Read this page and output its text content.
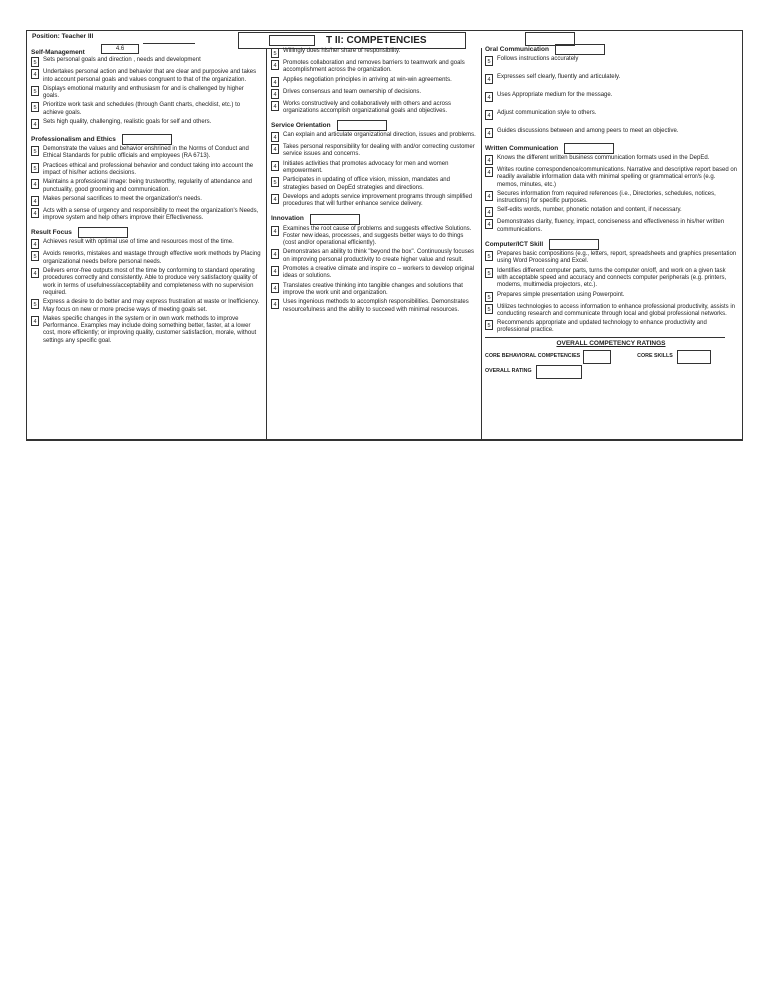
Position: Teacher III
4.6
T II: COMPETENCIES
Self-Management
5	Sets personal goals and direction , needs and development
4	Undertakes personal action and behavior that are clear and purposive and takes into account personal goals and values congruent to that of the organization.
5	Displays emotional maturity and enthusiasm for and is challenged by higher goals.
5	Prioritize work task and schedules (through Gantt charts, checklist, etc.) to achieve goals.
4	Sets high quality, challenging, realistic goals for self and others.
Professionalism and Ethics
5	Demonstrate the values and behavior enshrined in the Norms of Conduct and Ethical Standards for public officials and employees (RA 6713).
5	Practices ethical and professional behavior and conduct taking into account the impact of his/her actions decisions.
4	Maintains a professional image: being trustworthy, regularity of attendance and punctuality, good grooming and communication.
4	Makes personal sacrifices to meet the organization's needs.
4	Acts with a sense of urgency and responsibility to meet the organization's Needs, improve system and help others improve their Effectiveness.
Result Focus
4	Achieves result with optimal use of time and resources most of the time.
5	Avoids reworks, mistakes and wastage through effective work methods by Placing organizational needs before personal needs.
4	Delivers error-free outputs most of the time by conforming to standard operating procedures correctly and consistently. Able to produce very satisfactory quality of work in terms of usefulness/acceptability and completeness with no supervision required.
5	Express a desire to do better and may express frustration at waste or Inefficiency. May focus on new or more precise ways of meeting goals set.
4	Makes specific changes in the system or in own work methods to improve Performance. Examples may include doing something better, faster, at a lower cost, more efficiently; or improving quality, customer satisfaction, morale, without settings any specific goal.
5	Willingly does his/her share of responsibility.
4	Promotes collaboration and removes barriers to teamwork and goals accomplishment across the organization.
4	Applies negotiation principles in arriving at win-win agreements.
4	Drives consensus and team ownership of decisions.
4	Works constructively and collaboratively with others and across organizations accomplish organizational goals and objectives.
Service Orientation
4	Can explain and articulate organizational direction, issues and problems.
4	Takes personal responsibility for dealing with and/or correcting customer service issues and concerns.
4	Initiates activities that promotes advocacy for men and women empowerment.
5	Participates in updating of office vision, mission, mandates and strategies based on DepEd strategies and directions.
4	Develops and adopts service improvement programs through simplified procedures that will further enhance service delivery.
Innovation
4	Examines the root cause of problems and suggests effective Solutions. Foster new ideas, processes, and suggests better ways to do things (cost and/or operational efficiently).
4	Demonstrates an ability to think "beyond the box". Continuously focuses on improving personal productivity to create higher value and result.
4	Promotes a creative climate and inspire co – workers to develop original ideas or solutions.
4	Translates creative thinking into tangible changes and solutions that improve the work unit and organization.
4	Uses ingenious methods to accomplish responsibilities. Demonstrates resourcefulness and the ability to succeed with minimal resources.
Oral Communication
5	Follows instructions accurately
4	Expresses self clearly, fluently and articulately.
4	Uses Appropriate medium for the message.
4	Adjust communication style to others.
4	Guides discussions between and among peers to meet an objective.
Written Communication
4	Knows the different written business communication formats used in the DepEd.
4	Writes routine correspondence/communications. Narrative and descriptive report based on readily available information data with minimal spelling or grammatical error/s (e.g. memos, minutes, etc.)
4	Secures information from required references (i.e., Directories, schedules, notices, instructions) for specific purposes.
4	Self-edits words, number, phonetic notation and content, if necessary.
4	Demonstrates clarity, fluency, impact, conciseness and effectiveness in his/her written communications.
Computer/ICT Skill
5	Prepares basic compositions (e.g., letters, report, spreadsheets and graphics presentation using Word Processing and Excel.
5	Identifies different computer parts, turns the computer on/off, and work on a given task with acceptable speed and accuracy and connects computer peripherals (e.g. printers, modems, multimedia projectors, etc.).
5	Prepares simple presentation using Powerpoint.
5	Utilizes technologies to access information to enhance professional productivity, assists in conducting research and communicate through local and global professional networks.
5	Recommends appropriate and updated technology to enhance productivity and professional practice.
OVERALL COMPETENCY RATINGS
CORE BEHAVIORAL COMPETENCIES	CORE SKILLS
OVERALL RATING
